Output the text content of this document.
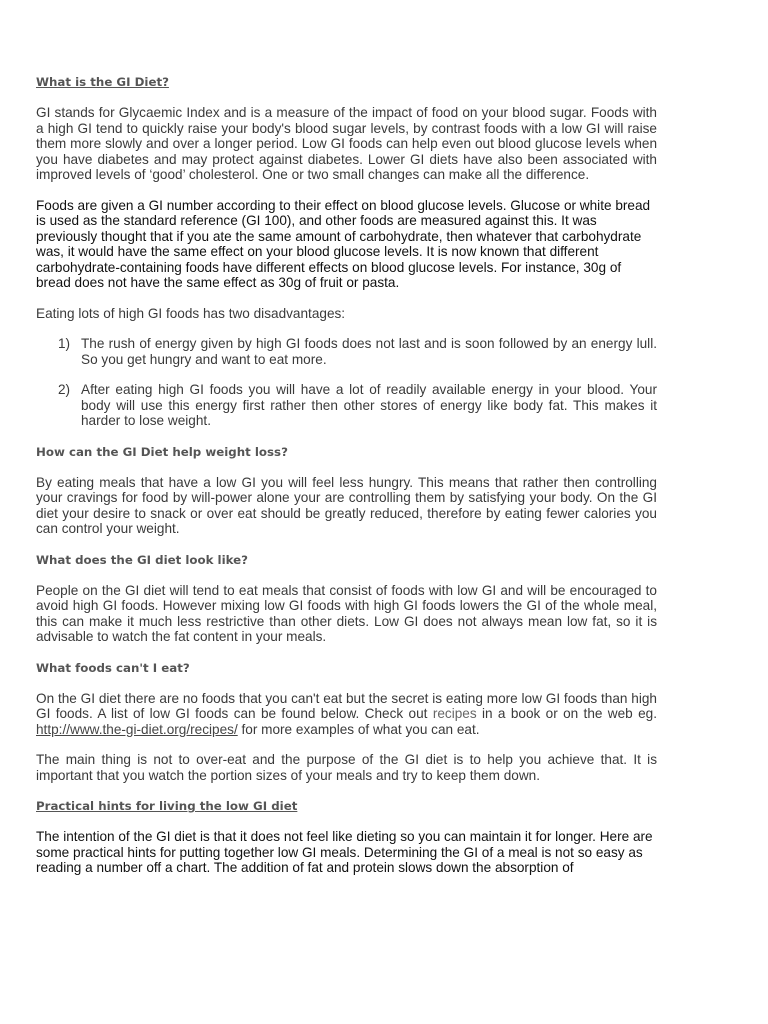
What is the GI Diet?

GI stands for Glycaemic Index and is a measure of the impact of food on your blood sugar. Foods with a high GI tend to quickly raise your body's blood sugar levels, by contrast foods with a low GI will raise them more slowly and over a longer period. Low GI foods can help even out blood glucose levels when you have diabetes and may protect against diabetes. Lower GI diets have also been associated with improved levels of ‘good’ cholesterol. One or two small changes can make all the difference.

Foods are given a GI number according to their effect on blood glucose levels. Glucose or white bread is used as the standard reference (GI 100), and other foods are measured against this. It was previously thought that if you ate the same amount of carbohydrate, then whatever that carbohydrate was, it would have the same effect on your blood glucose levels. It is now known that different carbohydrate-containing foods have different effects on blood glucose levels. For instance, 30g of bread does not have the same effect as 30g of fruit or pasta.

Eating lots of high GI foods has two disadvantages:

1) The rush of energy given by high GI foods does not last and is soon followed by an energy lull. So you get hungry and want to eat more.
2) After eating high GI foods you will have a lot of readily available energy in your blood. Your body will use this energy first rather then other stores of energy like body fat. This makes it harder to lose weight.
How can the GI Diet help weight loss?

By eating meals that have a low GI you will feel less hungry. This means that rather then controlling your cravings for food by will-power alone your are controlling them by satisfying your body. On the GI diet your desire to snack or over eat should be greatly reduced, therefore by eating fewer calories you can control your weight.

What does the GI diet look like?

People on the GI diet will tend to eat meals that consist of foods with low GI and will be encouraged to avoid high GI foods. However mixing low GI foods with high GI foods lowers the GI of the whole meal, this can make it much less restrictive than other diets. Low GI does not always mean low fat, so it is advisable to watch the fat content in your meals.

What foods can't I eat?

On the GI diet there are no foods that you can't eat but the secret is eating more low GI foods than high GI foods. A list of low GI foods can be found below. Check out recipes in a book or on the web eg. http://www.the-gi-diet.org/recipes/ for more examples of what you can eat.

The main thing is not to over-eat and the purpose of the GI diet is to help you achieve that. It is important that you watch the portion sizes of your meals and try to keep them down.

Practical hints for living the low GI diet

The intention of the GI diet is that it does not feel like dieting so you can maintain it for longer. Here are some practical hints for putting together low GI meals. Determining the GI of a meal is not so easy as reading a number off a chart. The addition of fat and protein slows down the absorption of
